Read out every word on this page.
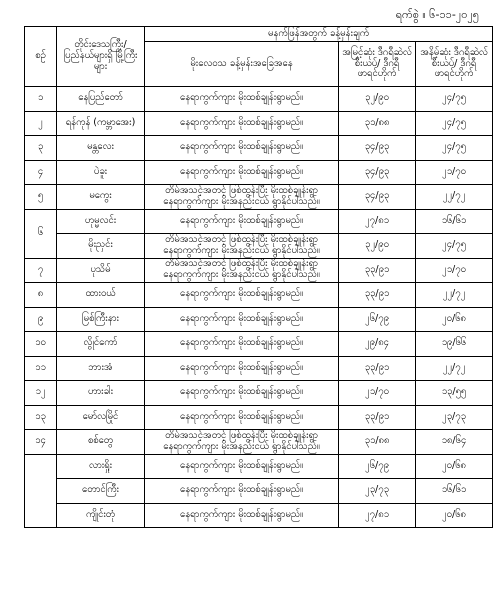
ရက်စွဲ ။ ၆-၁၁-၂၀၂၅
စဉ်	တိုင်းဒေသကြီး/ ပြည်နယ်များရှိ မြို့ကြီးများ	မနက်ဖြန်အတွက် ခန့်မှန်းချက်		
		မိုးလေဝသ ခန့်မှန်းအခြေအနေ	အမြင့်ဆုံး ဒီဂရီဆဲလ်စီးယပ်/ ဒီဂရီဖာရင်ဟိုက်	အနိမ့်ဆုံး ဒီဂရီဆဲလ်စီးယပ်/ ဒီဂရီဖာရင်ဟိုက်
၁	နေပြည်တော်	နေရာကွက်ကျား မိုးထစ်ချုန်းရွာမည်။	၃၂/၉၀	၂၄/၇၅
၂	ရန်ကုန် (ကမ္ဘာအေး)	နေရာကွက်ကျား မိုးထစ်ချုန်းရွာမည်။	၃၁/၈၈	၂၄/၇၅
၃	မန္တလေး	နေရာကွက်ကျား မိုးထစ်ချုန်းရွာမည်။	၃၄/၉၃	၂၄/၇၅
၄	ပဲခူး	နေရာကွက်ကျား မိုးထစ်ချုန်းရွာမည်။	၃၄/၉၃	၂၁/၇၀
၅	မကွေး	တိမ်အသင့်အတင့် ဖြစ်ထွန်းပြီး မိုးထစ်ချုန်းရွာ
နေရာကွက်ကျား မိုးအနည်းငယ် ရွာနိုင်ပါသည်။	၃၄/၉၃	၂၂/၇၂
၆	ဟုမ္မလင်း	နေရာကွက်ကျား မိုးထစ်ချုန်းရွာမည်။	၂၇/၈၁	၁၆/၆၁
	မိုးညှင်း	တိမ်အသင့်အတင့် ဖြစ်ထွန်းပြီး မိုးထစ်ချုန်းရွာ
နေရာကွက်ကျား မိုးအနည်းငယ် ရွာနိုင်ပါသည်။	၃၂/၉၀	၂၄/၇၅
၇	ပုသိမ်	တိမ်အသင့်အတင့် ဖြစ်ထွန်းပြီး မိုးထစ်ချုန်းရွာ
နေရာကွက်ကျား မိုးအနည်းငယ် ရွာနိုင်ပါသည်။	၃၃/၉၁	၂၁/၇၀
၈	ထားဝယ်	နေရာကွက်ကျား မိုးထစ်ချုန်းရွာမည်။	၃၃/၉၁	၂၂/၇၂
၉	မြစ်ကြီးနား	နေရာကွက်ကျား မိုးထစ်ချုန်းရွာမည်။	၂၆/၇၉	၂၀/၆၈
၁၀	လွိုင်ကော်	နေရာကွက်ကျား မိုးထစ်ချုန်းရွာမည်။	၂၉/၈၄	၁၉/၆၆
၁၁	ဘားအံ	နေရာကွက်ကျား မိုးထစ်ချုန်းရွာမည်။	၃၃/၉၁	၂၂/၇၂
၁၂	ဟားခါး	နေရာကွက်ကျား မိုးထစ်ချုန်းရွာမည်။	၂၁/၇၀	၁၃/၅၅
၁၃	မော်လမြိုင်	နေရာကွက်ကျား မိုးထစ်ချုန်းရွာမည်။	၃၃/၉၁	၂၃/၇၃
၁၄	စစ်တွေ	တိမ်အသင့်အတင့် ဖြစ်ထွန်းပြီး မိုးထစ်ချုန်းရွာ
နေရာကွက်ကျား မိုးအနည်းငယ် ရွာနိုင်ပါသည်။	၃၁/၈၈	၁၈/၆၄
	လားရှိုး	နေရာကွက်ကျား မိုးထစ်ချုန်းရွာမည်။	၂၆/၇၉	၂၀/၆၈
	တောင်ကြီး	နေရာကွက်ကျား မိုးထစ်ချုန်းရွာမည်။	၂၃/၇၃	၁၆/၆၁
	ကျိုင်းတုံ	နေရာကွက်ကျား မိုးထစ်ချုန်းရွာမည်။	၂၇/၈၁	၂၀/၆၈
